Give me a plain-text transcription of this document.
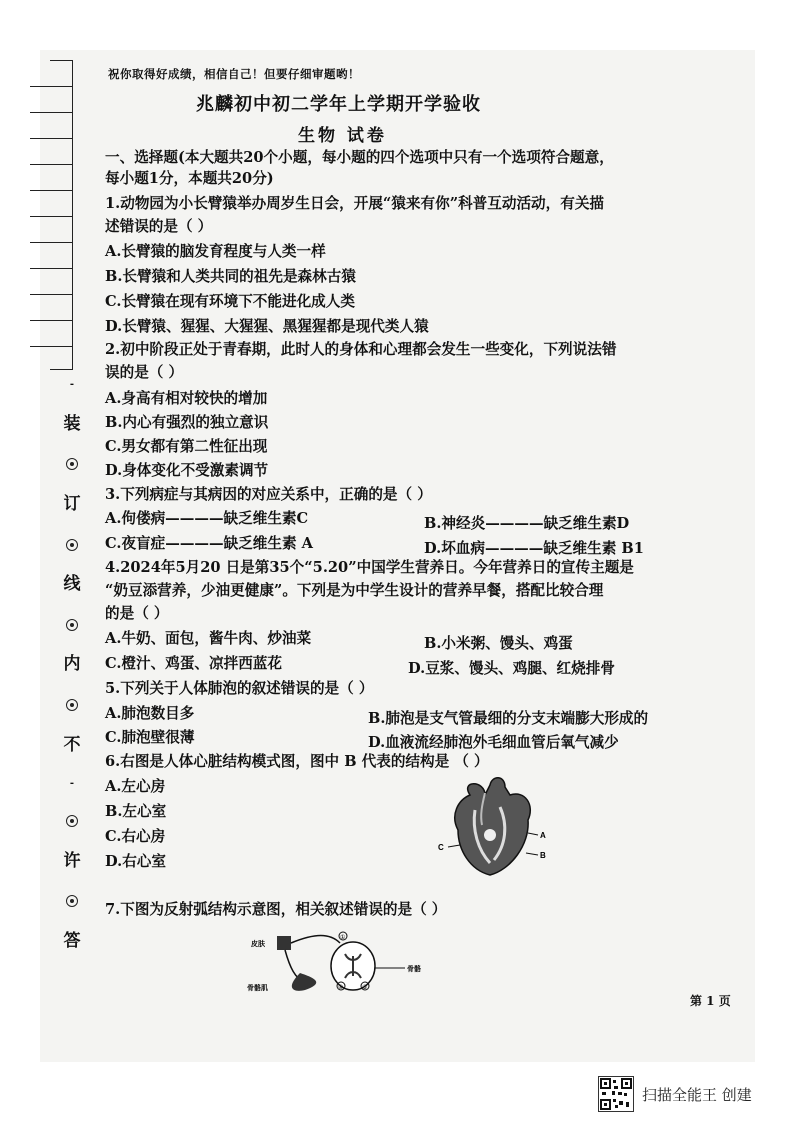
-
装
订
线
内
不
-
许
答
祝你取得好成绩，相信自己！但要仔细审题哟！
兆麟初中初二学年上学期开学验收
生物 试卷
一、选择题(本大题共20个小题，每小题的四个选项中只有一个选项符合题意，
每小题1分，本题共20分)
1.动物园为小长臂猿举办周岁生日会，开展“猿来有你”科普互动活动，有关描
述错误的是（ ）
A.长臂猿的脑发育程度与人类一样
B.长臂猿和人类共同的祖先是森林古猿
C.长臂猿在现有环境下不能进化成人类
D.长臂猿、猩猩、大猩猩、黑猩猩都是现代类人猿
2.初中阶段正处于青春期，此时人的身体和心理都会发生一些变化，下列说法错
误的是（ ）
A.身高有相对较快的增加
B.内心有强烈的独立意识
C.男女都有第二性征出现
D.身体变化不受激素调节
3.下列病症与其病因的对应关系中，正确的是（ ）
A.佝偻病————缺乏维生素C	B.神经炎————缺乏维生素D
C.夜盲症————缺乏维生素 A	D.坏血病————缺乏维生素 B1
4.2024年5月20 日是第35个“5.20”中国学生营养日。今年营养日的宣传主题是
“奶豆添营养，少油更健康”。下列是为中学生设计的营养早餐，搭配比较合理
的是（ ）
A.牛奶、面包，酱牛肉、炒油菜	B.小米粥、馒头、鸡蛋
C.橙汁、鸡蛋、凉拌西蓝花	D.豆浆、馒头、鸡腿、红烧排骨
5.下列关于人体肺泡的叙述错误的是（ ）
A.肺泡数目多	B.肺泡是支气管最细的分支末端膨大形成的
C.肺泡壁很薄	D.血液流经肺泡外毛细血管后氧气减少
6.右图是人体心脏结构模式图，图中 B 代表的结构是 （ ）
A.左心房
B.左心室
C.右心房
D.右心室
A
B
C
7.下图为反射弧结构示意图，相关叙述错误的是（ ）
皮肤
骨骼肌
①
④	⑤
骨骼
第 1 页
扫描全能王 创建
